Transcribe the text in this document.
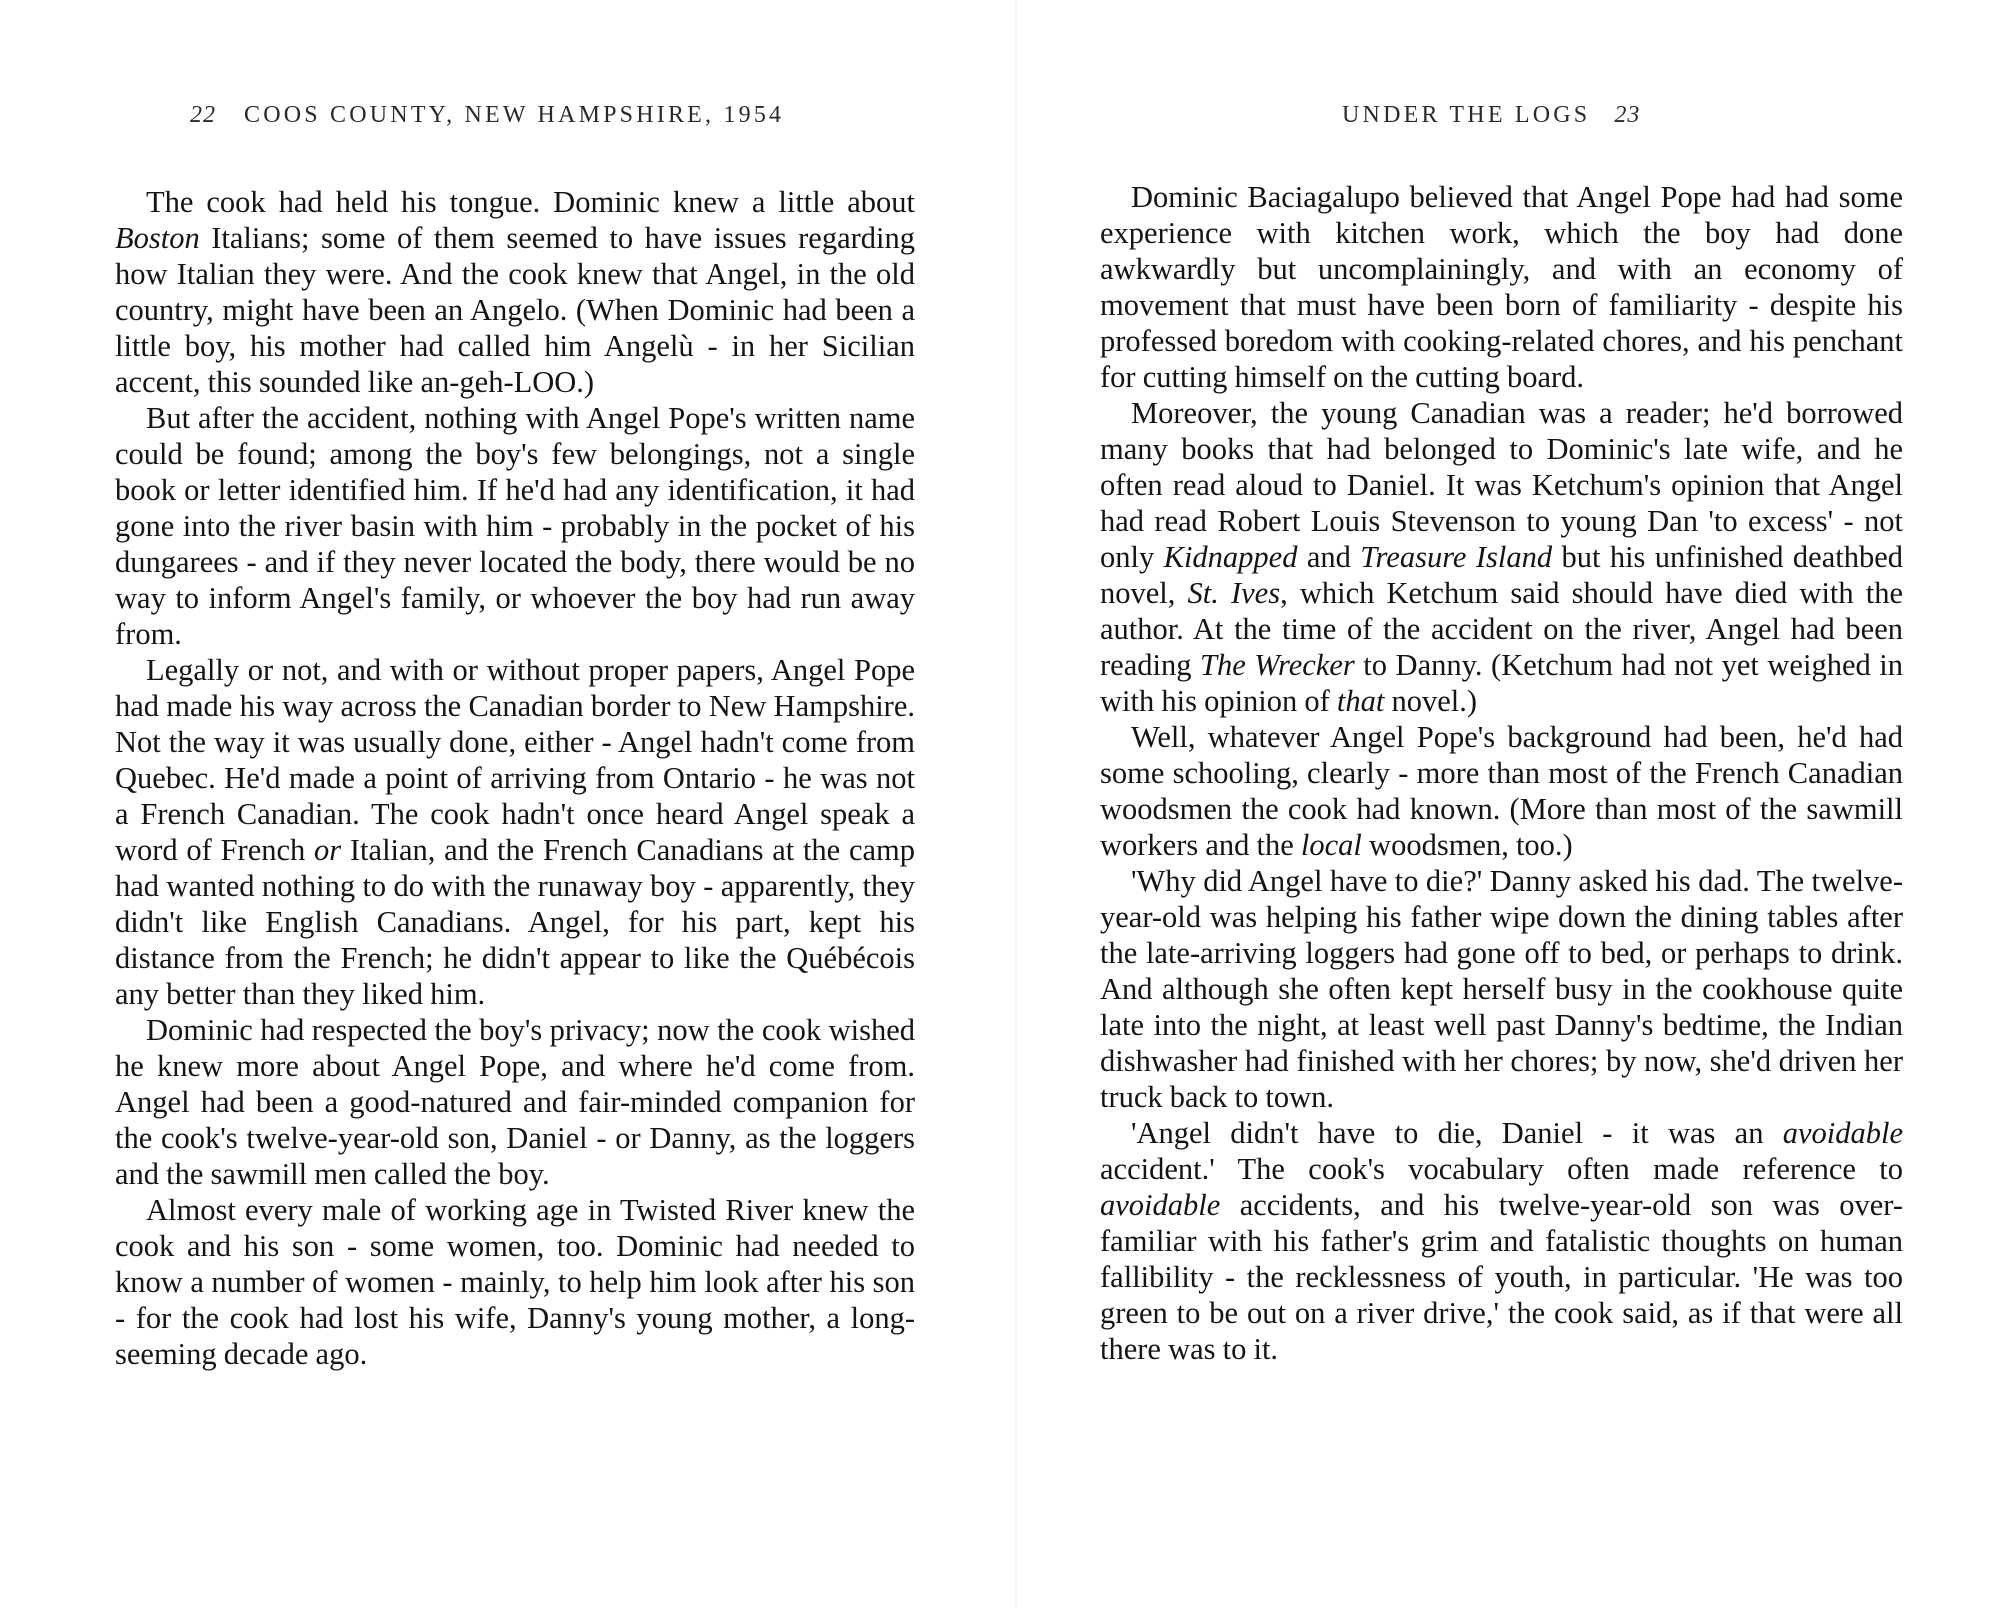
22 COOS COUNTY, NEW HAMPSHIRE, 1954

The cook had held his tongue. Dominic knew a little about Boston Italians; some of them seemed to have issues regarding how Italian they were. And the cook knew that Angel, in the old country, might have been an Angelo. (When Dominic had been a little boy, his mother had called him Angelù - in her Sicilian accent, this sounded like an-geh-LOO.)

But after the accident, nothing with Angel Pope's written name could be found; among the boy's few belongings, not a single book or letter identified him. If he'd had any identification, it had gone into the river basin with him - probably in the pocket of his dungarees - and if they never located the body, there would be no way to inform Angel's family, or whoever the boy had run away from.

Legally or not, and with or without proper papers, Angel Pope had made his way across the Canadian border to New Hampshire. Not the way it was usually done, either - Angel hadn't come from Quebec. He'd made a point of arriving from Ontario - he was not a French Canadian. The cook hadn't once heard Angel speak a word of French or Italian, and the French Canadians at the camp had wanted nothing to do with the runaway boy - apparently, they didn't like English Canadians. Angel, for his part, kept his distance from the French; he didn't appear to like the Québécois any better than they liked him.

Dominic had respected the boy's privacy; now the cook wished he knew more about Angel Pope, and where he'd come from. Angel had been a good-natured and fair-minded companion for the cook's twelve-year-old son, Daniel - or Danny, as the loggers and the sawmill men called the boy.

Almost every male of working age in Twisted River knew the cook and his son - some women, too. Dominic had needed to know a number of women - mainly, to help him look after his son - for the cook had lost his wife, Danny's young mother, a long-seeming decade ago.

UNDER THE LOGS 23

Dominic Baciagalupo believed that Angel Pope had had some experience with kitchen work, which the boy had done awkwardly but uncomplainingly, and with an economy of movement that must have been born of familiarity - despite his professed boredom with cooking-related chores, and his penchant for cutting himself on the cutting board.

Moreover, the young Canadian was a reader; he'd borrowed many books that had belonged to Dominic's late wife, and he often read aloud to Daniel. It was Ketchum's opinion that Angel had read Robert Louis Stevenson to young Dan 'to excess' - not only Kidnapped and Treasure Island but his unfinished deathbed novel, St. Ives, which Ketchum said should have died with the author. At the time of the accident on the river, Angel had been reading The Wrecker to Danny. (Ketchum had not yet weighed in with his opinion of that novel.)

Well, whatever Angel Pope's background had been, he'd had some schooling, clearly - more than most of the French Canadian woodsmen the cook had known. (More than most of the sawmill workers and the local woodsmen, too.)

'Why did Angel have to die?' Danny asked his dad. The twelve-year-old was helping his father wipe down the dining tables after the late-arriving loggers had gone off to bed, or perhaps to drink. And although she often kept herself busy in the cookhouse quite late into the night, at least well past Danny's bedtime, the Indian dishwasher had finished with her chores; by now, she'd driven her truck back to town.

'Angel didn't have to die, Daniel - it was an avoidable accident.' The cook's vocabulary often made reference to avoidable accidents, and his twelve-year-old son was over-familiar with his father's grim and fatalistic thoughts on human fallibility - the recklessness of youth, in particular. 'He was too green to be out on a river drive,' the cook said, as if that were all there was to it.
